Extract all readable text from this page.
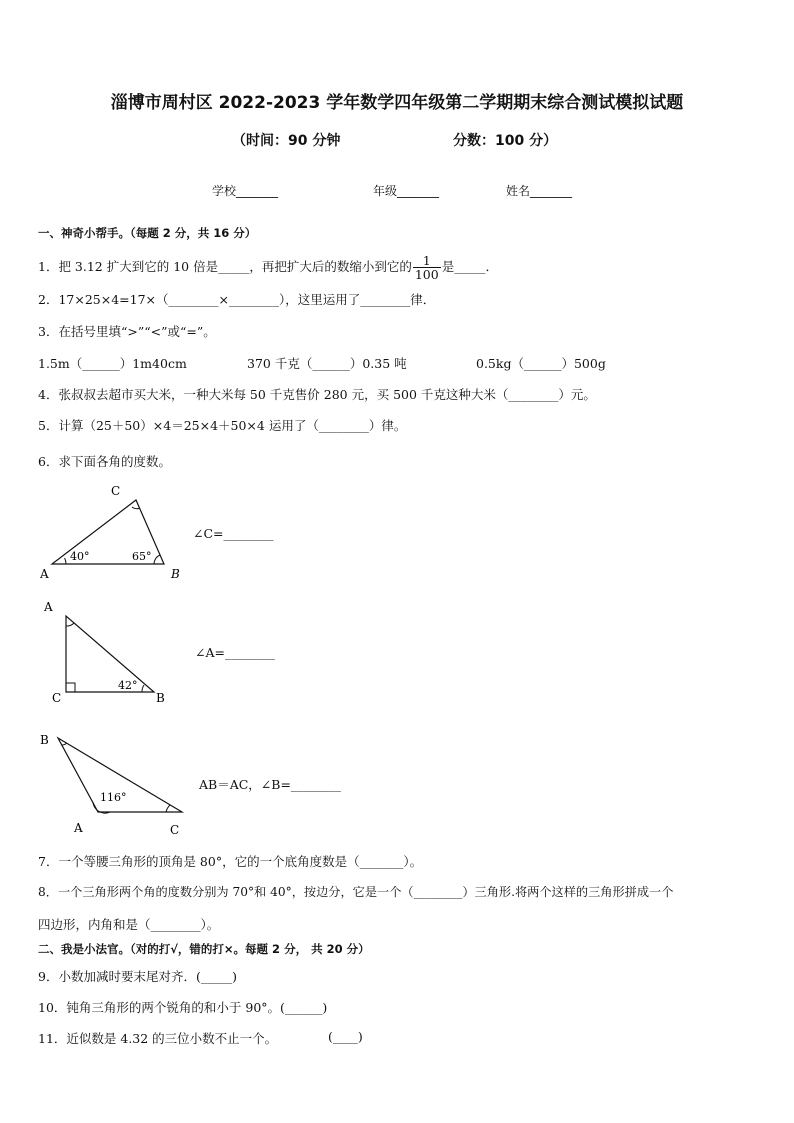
淄博市周村区 2022-2023 学年数学四年级第二学期期末综合测试模拟试题
（时间：90 分钟	分数：100 分）
学校_______	年级_______	姓名_______
一、神奇小帮手。（每题 2 分，共 16 分）
1．把 3.12 扩大到它的 10 倍是_____，再把扩大后的数缩小到它的 $\frac{1}{100}$ 是_____．
2．17×25×4=17×（________×________），这里运用了________律．
3．在括号里填“>”“<”或“=”。
1.5m（______）1m40cm	370 千克（______）0.35 吨	0.5kg（______）500g
4．张叔叔去超市买大米，一种大米每 50 千克售价 280 元，买 500 千克这种大米（________）元。
5．计算（25＋50）×4＝25×4＋50×4 运用了（________）律。
6．求下面各角的度数。
A	B
C
40°	65°
∠C=________
A
C	B
42°
∠A=________
B
A	C
116°
AB＝AC，∠B=________
7．一个等腰三角形的顶角是 80°，它的一个底角度数是（_______）。
8．一个三角形两个角的度数分别为 70°和 40°，按边分，它是一个（________）三角形.将两个这样的三角形拼成一个
四边形，内角和是（________）。
二、我是小法官。（对的打√，错的打×。每题 2 分， 共 20 分）
9．小数加减时要末尾对齐．(_____)
10．钝角三角形的两个锐角的和小于 90°。(______)
11．近似数是 4.32 的三位小数不止一个。	(____)
